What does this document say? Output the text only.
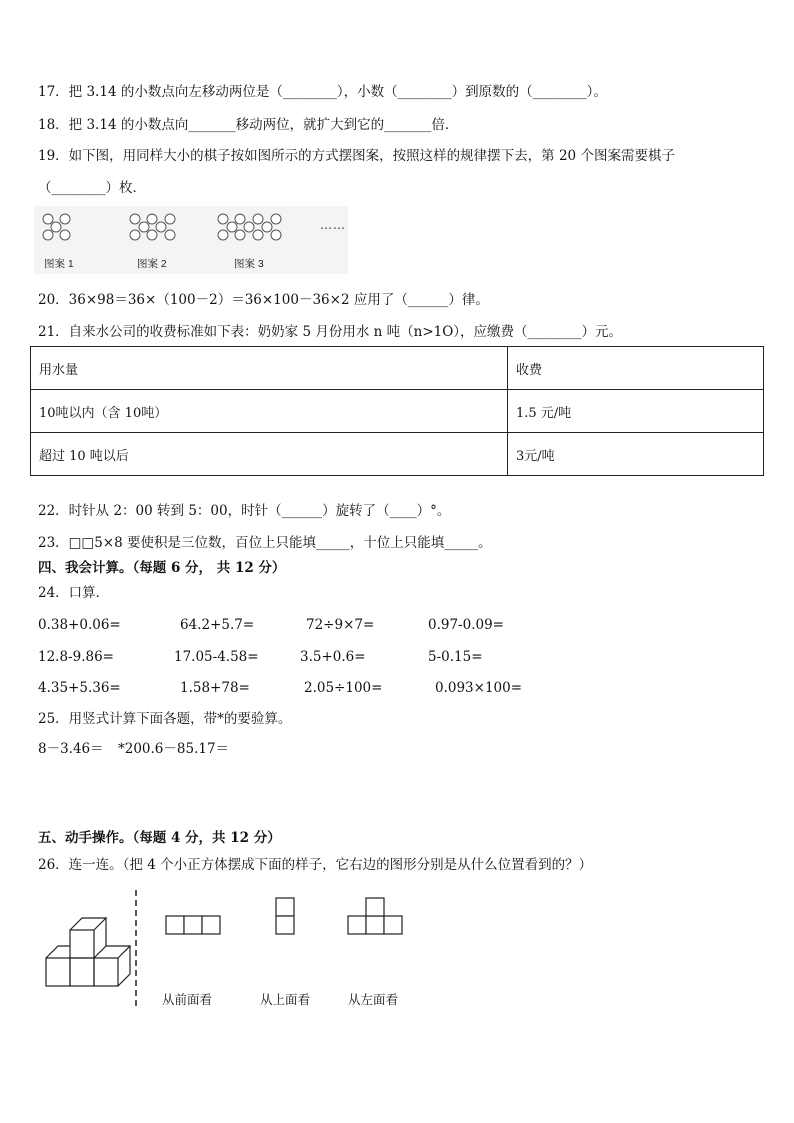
17．把 3.14 的小数点向左移动两位是（________），小数（________）到原数的（________）。
18．把 3.14 的小数点向_______移动两位，就扩大到它的_______倍．
19．如下图，用同样大小的棋子按如图所示的方式摆图案，按照这样的规律摆下去，第 20 个图案需要棋子
（________）枚．
图案 1	图案 2	图案 3
……
20．36×98＝36×（100－2）＝36×100－36×2 应用了（______）律。
21．自来水公司的收费标准如下表：奶奶家 5 月份用水 n 吨（n>1O），应缴费（________）元。
用水量	收费
10吨以内（含 10吨）	1.5 元/吨
超过 10 吨以后	3元/吨
22．时针从 2：00 转到 5：00，时针（______）旋转了（____）°。
23．□□5×8 要使积是三位数，百位上只能填_____，十位上只能填_____。
四、我会计算。（每题 6 分， 共 12 分）
24．口算．
0.38+0.06=	64.2+5.7=	72÷9×7=	0.97-0.09=
12.8-9.86=	17.05-4.58=	3.5+0.6=	5-0.15=
4.35+5.36=	1.58+78=	2.05÷100=	0.093×100=
25．用竖式计算下面各题，带*的要验算。
8－3.46＝ *200.6－85.17＝
五、动手操作。（每题 4 分，共 12 分）
26．连一连。（把 4 个小正方体摆成下面的样子，它右边的图形分别是从什么位置看到的？）
从前面看	从上面看	从左面看
